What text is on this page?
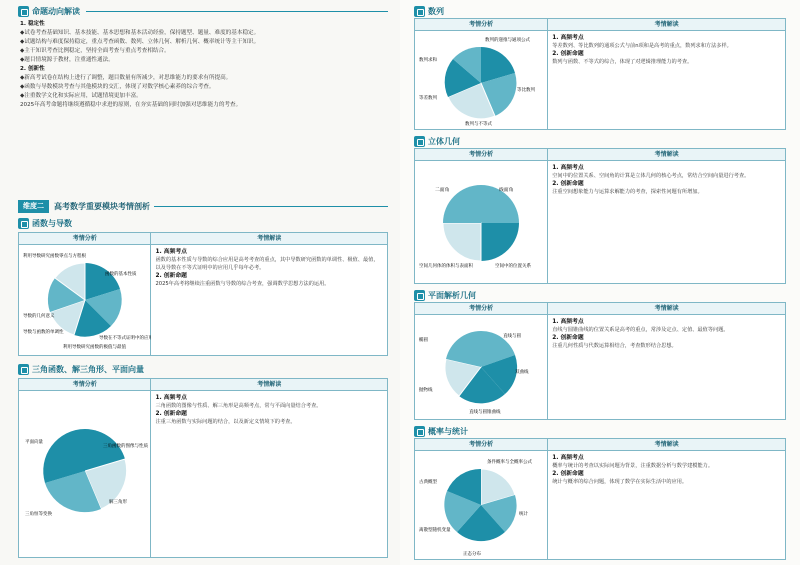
命题动向解读
1. 稳定性
◆试卷考查基础知识、基本技能、基本思想和基本活动经验，保持题型、题量、难度的基本稳定。
◆试题结构与难度保持稳定，重点考查函数、数列、立体几何、解析几何、概率统计等主干知识。
◆主干知识考查比例稳定，坚持全面考查与重点考查相结合。
◆题目情境源于教材，注重通性通法。
2. 创新性
◆新高考试卷在结构上进行了调整，题目数量有所减少，对思维能力的要求有所提高。
◆函数与导数模块考查与其他模块的交汇，体现了对数学核心素养的综合考查。
◆注重数学文化和实际应用，试题情境更加丰富。
2025年高考命题将继续遵循稳中求进的原则，在夯实基础的同时加强对思维能力的考查。
维度二	高考数学重要模块考情剖析
函数与导数
考情分析	考情解读
函数的基本性质
导数在不等式证明中的应用
利用导数研究函数的极值与最值
导数的几何意义
导数与函数的单调性
利用导数研究函数零点与方程根
1. 高频考点
函数的基本性质与导数的综合应用是高考考查的重点，其中导数研究函数的单调性、极值、最值，以及导数在不等式证明中的应用几乎每年必考。
2. 创新命题
2025年高考将继续注重函数与导数的综合考查，强调数学思想方法的运用。
三角函数、解三角形、平面向量
考情分析	考情解读
三角函数的图像与性质
解三角形
三角恒等变换
平面向量
1. 高频考点
三角函数的图像与性质、解三角形是高频考点，常与平面向量结合考查。
2. 创新命题
注重三角函数与实际问题的结合，以及新定义情境下的考查。
数列
考情分析	考情解读
数列的递推与通项公式
等比数列
等差数列
数列求和
数列与不等式
1. 高频考点
等差数列、等比数列的通项公式与前n项和是高考的重点，数列求和方法多样。
2. 创新命题
数列与函数、不等式的综合，体现了对逻辑推理能力的考查。
立体几何
考情分析	考情解读
二面角	线面角
空间中的位置关系
空间几何体的体积与表面积
1. 高频考点
空间中的位置关系、空间角的计算是立体几何的核心考点，常结合空间向量进行考查。
2. 创新命题
注重空间想象能力与运算求解能力的考查，探索性问题有所增加。
平面解析几何
考情分析	考情解读
直线与圆
椭圆
双曲线
抛物线
直线与圆锥曲线
1. 高频考点
直线与圆锥曲线的位置关系是高考的重点，常涉及定点、定值、最值等问题。
2. 创新命题
注重几何性质与代数运算相结合，考查数形结合思想。
概率与统计
考情分析	考情解读
古典概型
统计
正态分布
条件概率与全概率公式
离散型随机变量
1. 高频考点
概率与统计的考查以实际问题为背景，注重数据分析与数学建模能力。
2. 创新命题
统计与概率的综合问题，体现了数学在实际生活中的应用。
